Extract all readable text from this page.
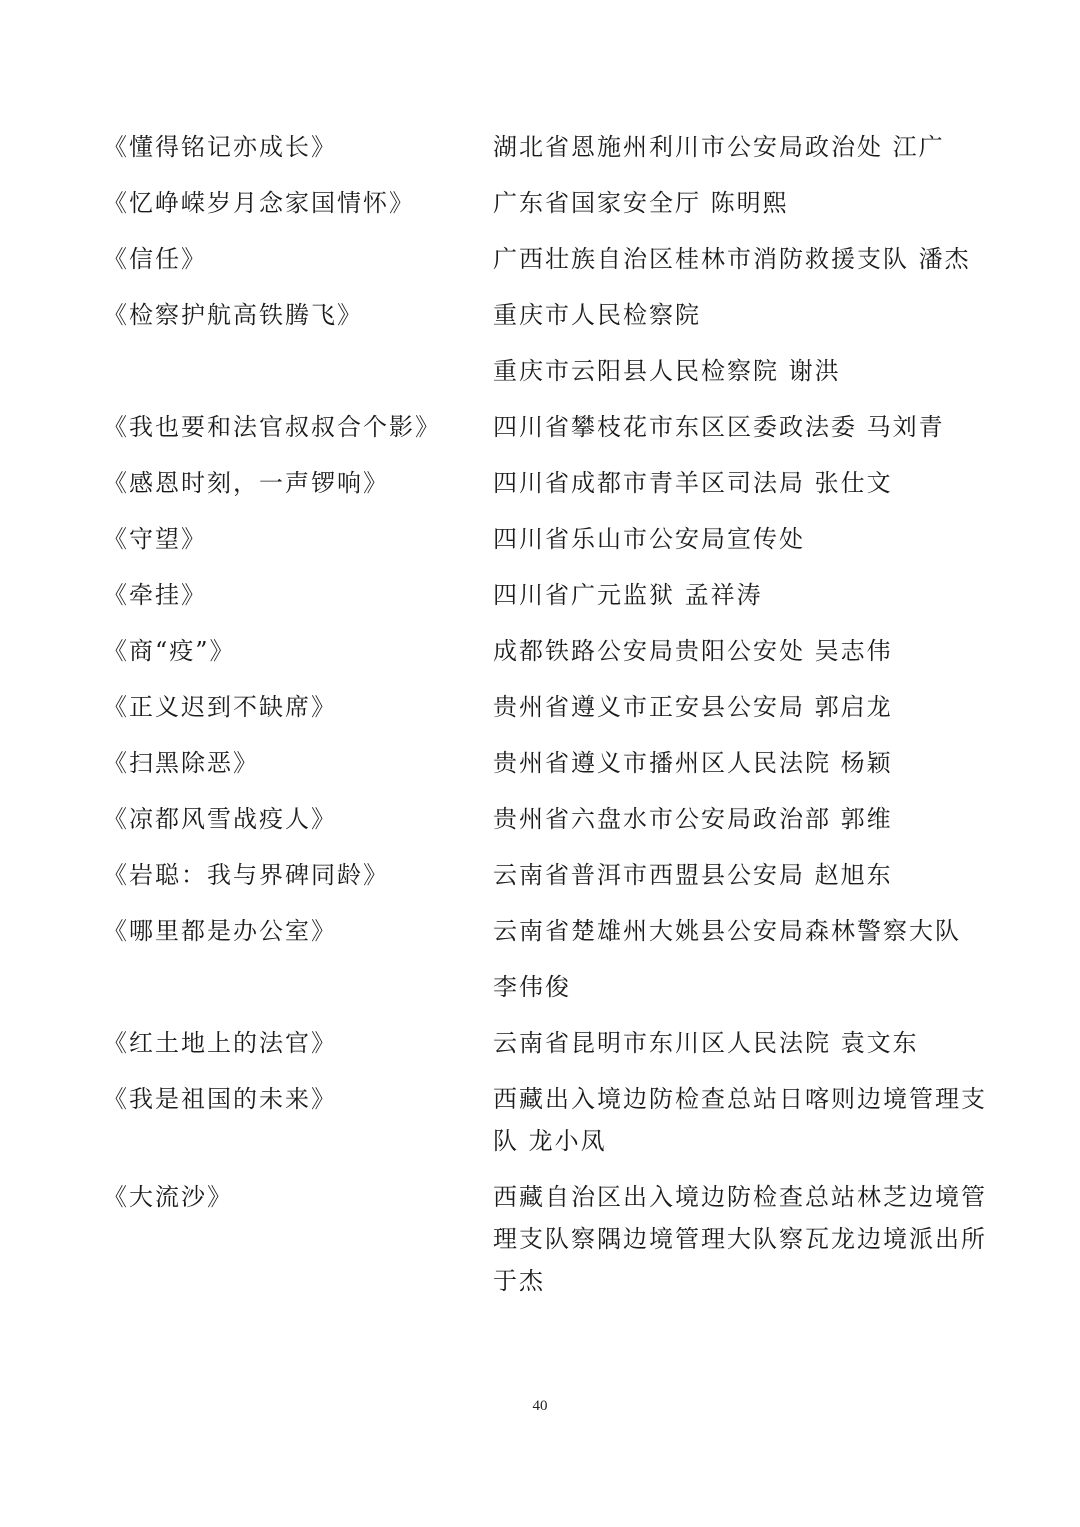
《懂得铭记亦成长》	湖北省恩施州利川市公安局政治处 江广
《忆峥嵘岁月念家国情怀》	广东省国家安全厅 陈明熙
《信任》	广西壮族自治区桂林市消防救援支队 潘杰
《检察护航高铁腾飞》	重庆市人民检察院
重庆市云阳县人民检察院 谢洪
《我也要和法官叔叔合个影》	四川省攀枝花市东区区委政法委 马刘青
《感恩时刻，一声锣响》	四川省成都市青羊区司法局 张仕文
《守望》	四川省乐山市公安局宣传处
《牵挂》	四川省广元监狱 孟祥涛
《商“疫”》	成都铁路公安局贵阳公安处 吴志伟
《正义迟到不缺席》	贵州省遵义市正安县公安局 郭启龙
《扫黑除恶》	贵州省遵义市播州区人民法院 杨颖
《凉都风雪战疫人》	贵州省六盘水市公安局政治部 郭维
《岩聪：我与界碑同龄》	云南省普洱市西盟县公安局 赵旭东
《哪里都是办公室》	云南省楚雄州大姚县公安局森林警察大队
李伟俊
《红土地上的法官》	云南省昆明市东川区人民法院 袁文东
《我是祖国的未来》	西藏出入境边防检查总站日喀则边境管理支
队 龙小凤
《大流沙》	西藏自治区出入境边防检查总站林芝边境管
理支队察隅边境管理大队察瓦龙边境派出所
于杰
40
